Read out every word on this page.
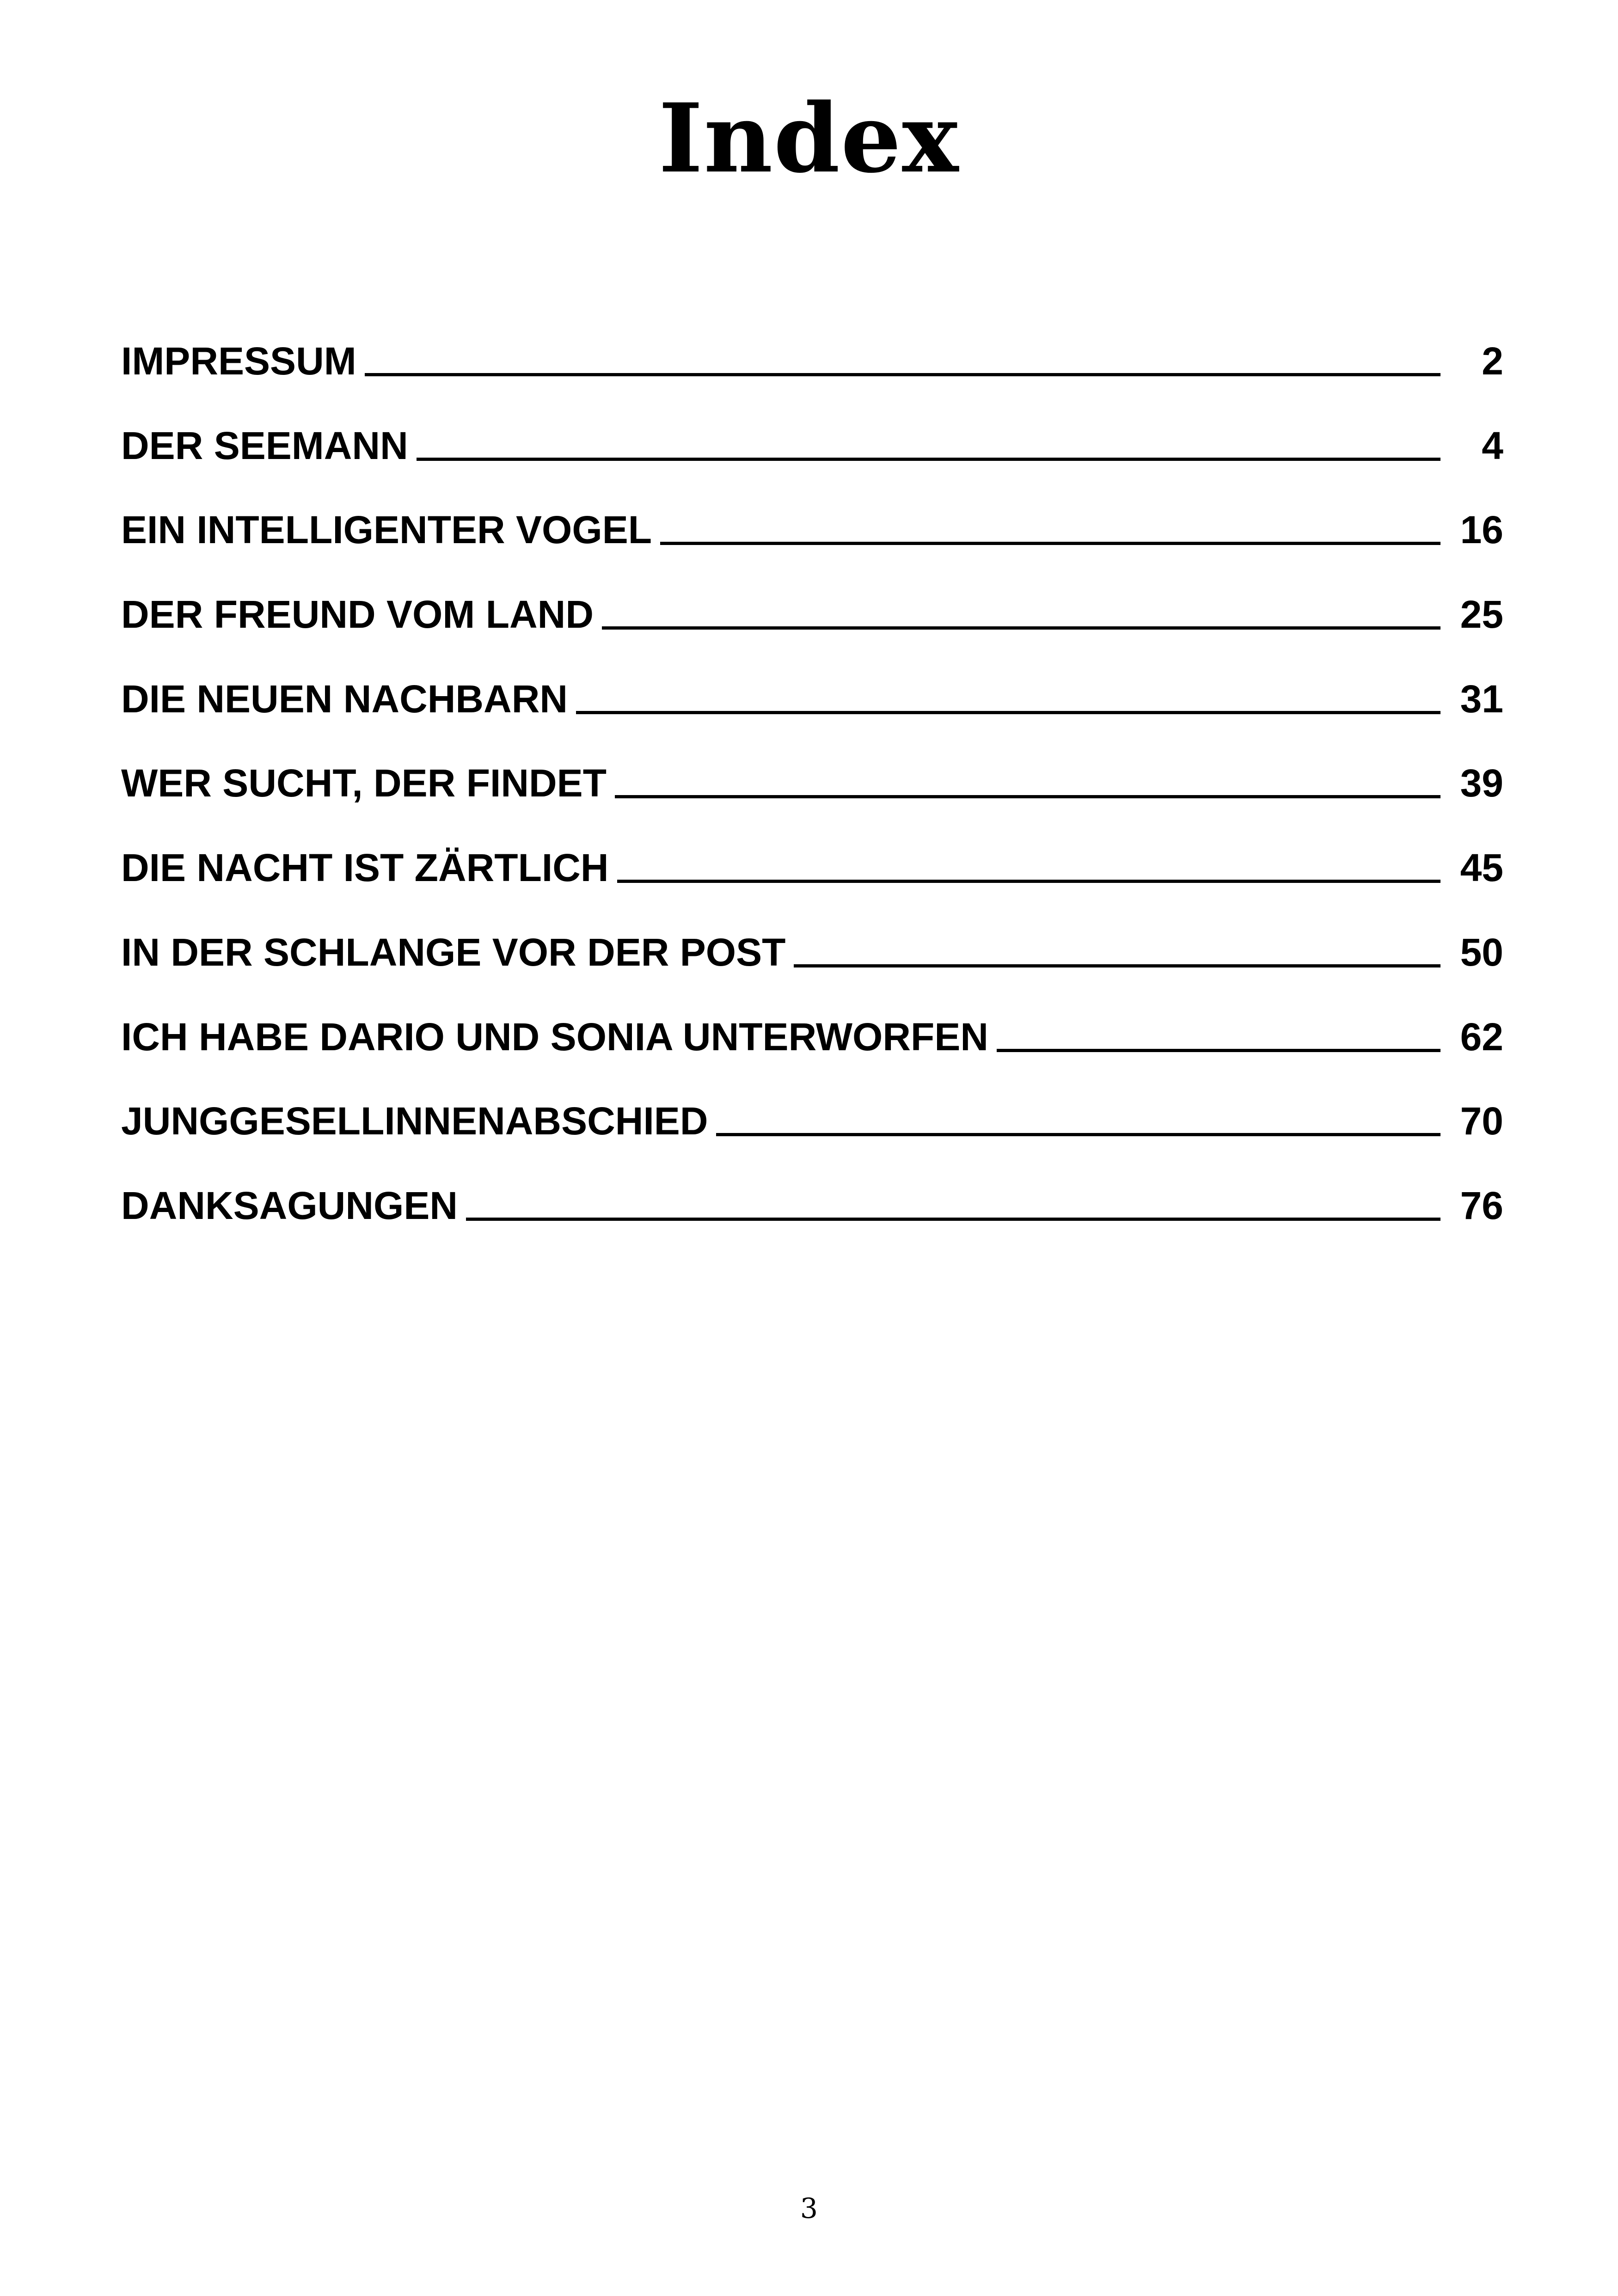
Index
IMPRESSUM	2
DER SEEMANN	4
EIN INTELLIGENTER VOGEL	16
DER FREUND VOM LAND	25
DIE NEUEN NACHBARN	31
WER SUCHT, DER FINDET	39
DIE NACHT IST ZÄRTLICH	45
IN DER SCHLANGE VOR DER POST	50
ICH HABE DARIO UND SONIA UNTERWORFEN	62
JUNGGESELLINNENABSCHIED	70
DANKSAGUNGEN	76
3
